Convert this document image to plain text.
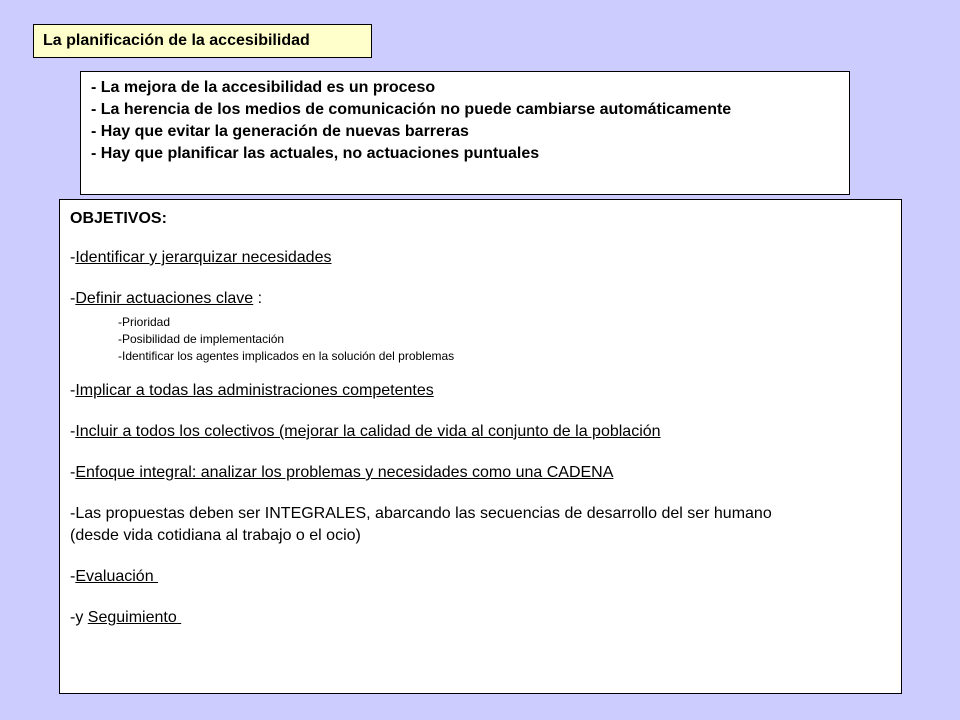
La planificación de la accesibilidad
- La mejora de la accesibilidad es un proceso
- La herencia de los medios de comunicación no puede cambiarse automáticamente
- Hay que evitar la generación de nuevas barreras
- Hay que planificar las actuales, no actuaciones puntuales
OBJETIVOS:
-Identificar y jerarquizar necesidades
-Definir actuaciones clave :
-Prioridad
-Posibilidad de implementación
-Identificar los agentes implicados en la solución del problemas
-Implicar a todas las administraciones competentes
-Incluir a todos los colectivos (mejorar la calidad de vida al conjunto de la población
-Enfoque integral: analizar los problemas y necesidades como una CADENA
-Las propuestas deben ser INTEGRALES, abarcando las secuencias de desarrollo del ser humano
(desde vida cotidiana al trabajo o el ocio)
-Evaluación
-y Seguimiento
